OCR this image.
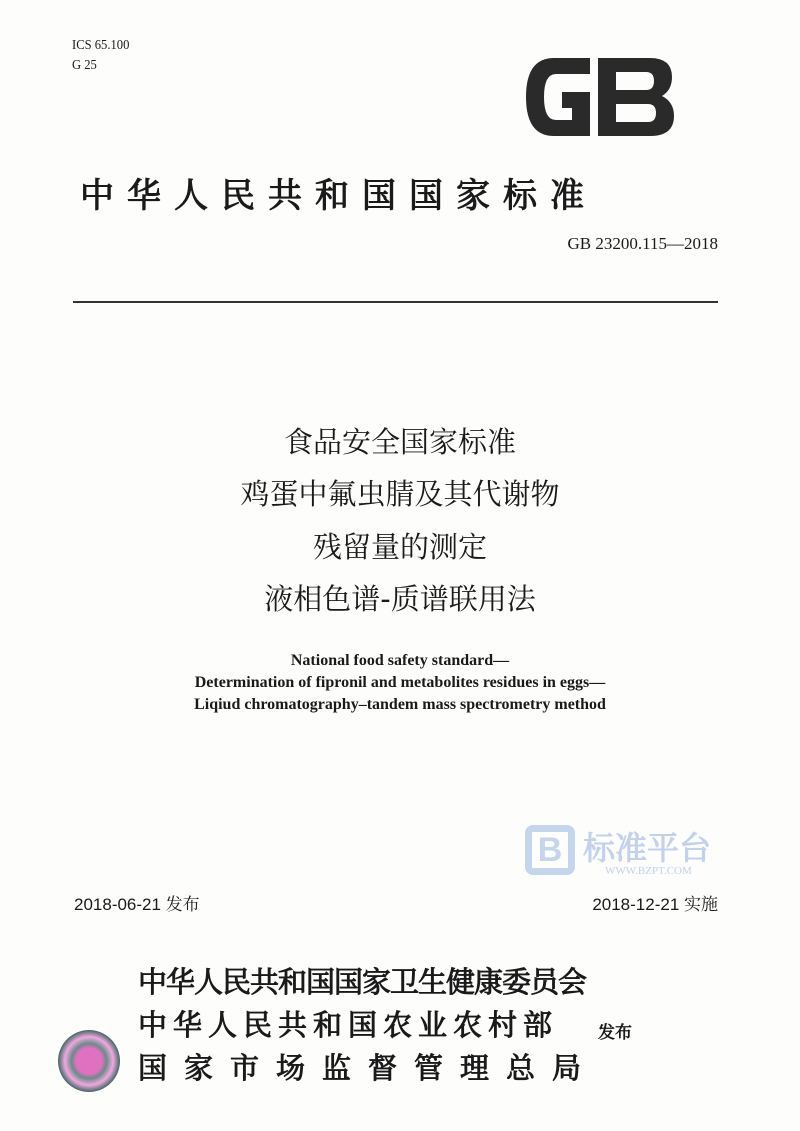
ICS 65.100
G 25
中华人民共和国国家标准
GB 23200.115—2018
食品安全国家标准
鸡蛋中氟虫腈及其代谢物
残留量的测定
液相色谱-质谱联用法
National food safety standard—
Determination of fipronil and metabolites residues in eggs—
Liqiud chromatography–tandem mass spectrometry method
B 标准平台
WWW.BZPT.COM
2018-06-21 发布	2018-12-21 实施
中华人民共和国国家卫生健康委员会
中华人民共和国农业农村部
国家市场监督管理总局
发布
